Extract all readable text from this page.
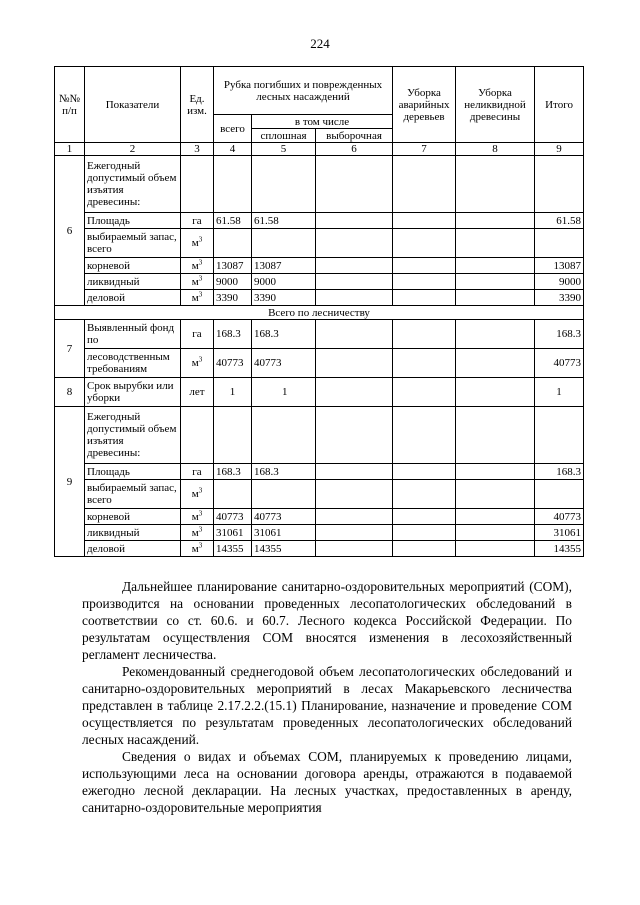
224
№№ п/п	Показатели	Ед. изм.	Рубка погибших и поврежденных лесных насаждений			Уборка аварийных деревьев	Уборка неликвидной древесины	Итого
			всего	в том числе				
				сплошная	выборочная			
1	2	3	4	5	6	7	8	9
6	Ежегодный допустимый объем изъятия древесины:							
	Площадь	га	61.58	61.58				61.58
	выбираемый запас, всего	$м^3$						
	корневой	$м^3$	13087	13087				13087
	ликвидный	$м^3$	9000	9000				9000
	деловой	$м^3$	3390	3390				3390
Всего по лесничеству								
7	Выявленный фонд по	га	168.3	168.3				168.3
	лесоводственным требованиям	$м^3$	40773	40773				40773
8	Срок вырубки или уборки	лет	1	1				1
9	Ежегодный допустимый объем изъятия древесины:							
	Площадь	га	168.3	168.3				168.3
	выбираемый запас, всего	$м^3$						
	корневой	$м^3$	40773	40773				40773
	ликвидный	$м^3$	31061	31061				31061
	деловой	$м^3$	14355	14355				14355

Дальнейшее планирование санитарно-оздоровительных мероприятий (СОМ), производится на основании проведенных лесопатологических обследований в соответствии со ст. 60.6. и 60.7. Лесного кодекса Российской Федерации. По результатам осуществления СОМ вносятся изменения в лесохозяйственный регламент лесничества.

Рекомендованный среднегодовой объем лесопатологических обследований и санитарно-оздоровительных мероприятий в лесах Макарьевского лесничества представлен в таблице 2.17.2.2.(15.1) Планирование, назначение и проведение СОМ осуществляется по результатам проведенных лесопатологических обследований лесных насаждений.

Сведения о видах и объемах СОМ, планируемых к проведению лицами, использующими леса на основании договора аренды, отражаются в подаваемой ежегодно лесной декларации. На лесных участках, предоставленных в аренду, санитарно-оздоровительные мероприятия
